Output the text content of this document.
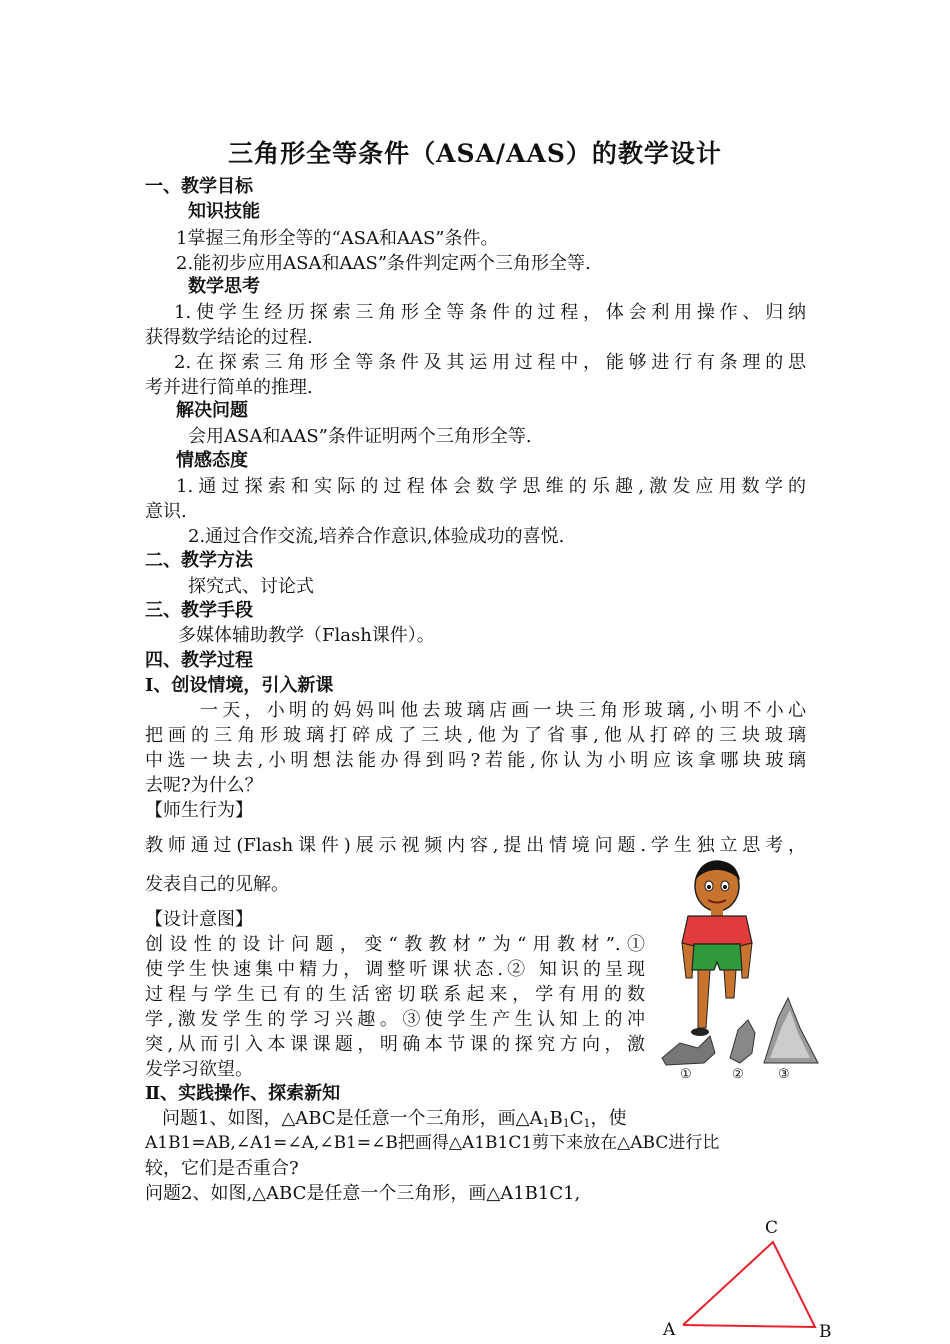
三角形全等条件（ASA/AAS）的教学设计
一、教学目标
知识技能
1掌握三角形全等的“ASA和AAS”条件。
2.能初步应用ASA和AAS”条件判定两个三角形全等.
数学思考
1.使学生经历探索三角形全等条件的过程，体会利用操作、归纳
获得数学结论的过程.
2.在探索三角形全等条件及其运用过程中，能够进行有条理的思
考并进行简单的推理.
解决问题
会用ASA和AAS”条件证明两个三角形全等.
情感态度
1.通过探索和实际的过程体会数学思维的乐趣,激发应用数学的
意识.
2.通过合作交流,培养合作意识,体验成功的喜悦.
二、教学方法
探究式、讨论式
三、教学手段
多媒体辅助教学（Flash课件）。
四、教学过程
Ⅰ、创设情境，引入新课
一天，小明的妈妈叫他去玻璃店画一块三角形玻璃,小明不小心
把画的三角形玻璃打碎成了三块,他为了省事,他从打碎的三块玻璃
中选一块去,小明想法能办得到吗?若能,你认为小明应该拿哪块玻璃
去呢?为什么？
【师生行为】
教师通过(Flash课件)展示视频内容,提出情境问题.学生独立思考，
发表自己的见解。
【设计意图】
创设性的设计问题，变“教教材”为“用教材”.①
使学生快速集中精力，调整听课状态.② 知识的呈现
过程与学生已有的生活密切联系起来，学有用的数
学,激发学生的学习兴趣。③使学生产生认知上的冲
突,从而引入本课课题，明确本节课的探究方向，激
发学习欲望。
Ⅱ、实践操作、探索新知
问题1、如图，△ABC是任意一个三角形，画$\triangle A_1B_1C_1$，使
A1B1=AB,∠A1=∠A,∠B1=∠B把画得△A1B1C1剪下来放在△ABC进行比
较，它们是否重合?
问题2、如图,△ABC是任意一个三角形，画△A1B1C1,
①	②	③
C
A	B
